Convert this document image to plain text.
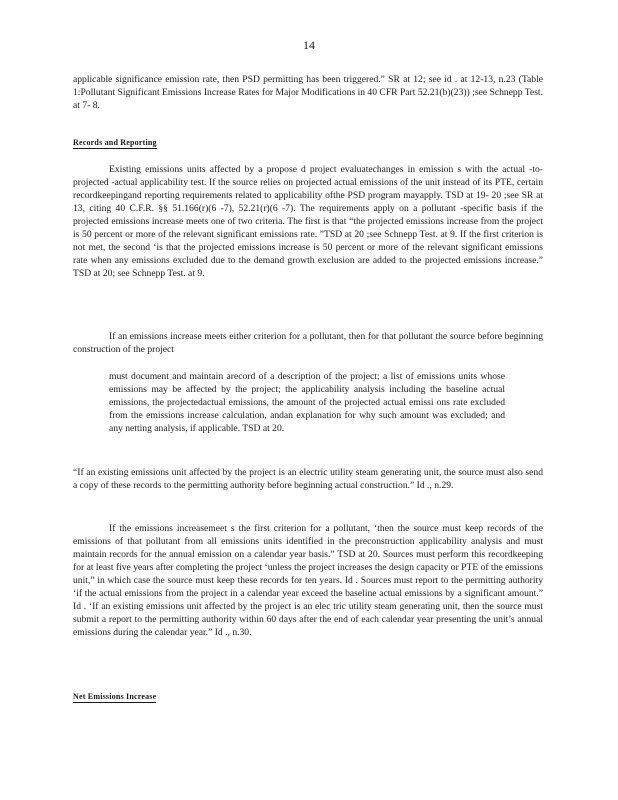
14

applicable significance emission rate, then PSD permitting has been triggered.” SR at 12; see id . at 12-13, n.23 (Table 1:Pollutant Significant Emissions Increase Rates for Major Modifications in 40 CFR Part 52.21(b)(23)) ;see Schnepp Test. at 7- 8.

Records and Reporting

Existing emissions units affected by a propose d project evaluatechanges in emission s with the actual -to-projected -actual applicability test. If the source relies on projected actual emissions of the unit instead of its PTE, certain recordkeepingand reporting requirements related to applicability ofthe PSD program mayapply. TSD at 19- 20 ;see SR at 13, citing 40 C.F.R. §§ 51.166(r)(6 -7), 52.21(r)(6 -7). The requirements apply on a pollutant -specific basis if the projected emissions increase meets one of two criteria. The first is that “the projected emissions increase from the project is 50 percent or more of the relevant significant emissions rate. ”TSD at 20 ;see Schnepp Test. at 9. If the first criterion is not met, the second ‘is that the projected emissions increase is 50 percent or more of the relevant significant emissions rate when any emissions excluded due to the demand growth exclusion are added to the projected emissions increase.” TSD at 20; see Schnepp Test. at 9.

If an emissions increase meets either criterion for a pollutant, then for that pollutant the source before beginning construction of the project

must document and maintain arecord of a description of the project; a list of emissions units whose emissions may be affected by the project; the applicability analysis including the baseline actual emissions, the projectedactual emissions, the amount of the projected actual emissi ons rate excluded from the emissions increase calculation, andan explanation for why such amount was excluded; and any netting analysis, if applicable. TSD at 20.

“If an existing emissions unit affected by the project is an electric utility steam generating unit, the source must also send a copy of these records to the permitting authority before beginning actual construction.” Id ., n.29.

If the emissions increasemeet s the first criterion for a pollutant, ‘then the source must keep records of the emissions of that pollutant from all emissions units identified in the preconstruction applicability analysis and must maintain records for the annual emission on a calendar year basis.” TSD at 20. Sources must perform this recordkeeping for at least five years after completing the project ‘unless the project increases the design capacity or PTE of the emissions unit,” in which case the source must keep these records for ten years. Id . Sources must report to the permitting authority ‘if the actual emissions from the project in a calendar year exceed the baseline actual emissions by a significant amount.” Id . ‘If an existing emissions unit affected by the project is an elec tric utility steam generating unit, then the source must submit a report to the permitting authority within 60 days after the end of each calendar year presenting the unit’s annual emissions during the calendar year.” Id ., n.30.

Net Emissions Increase
